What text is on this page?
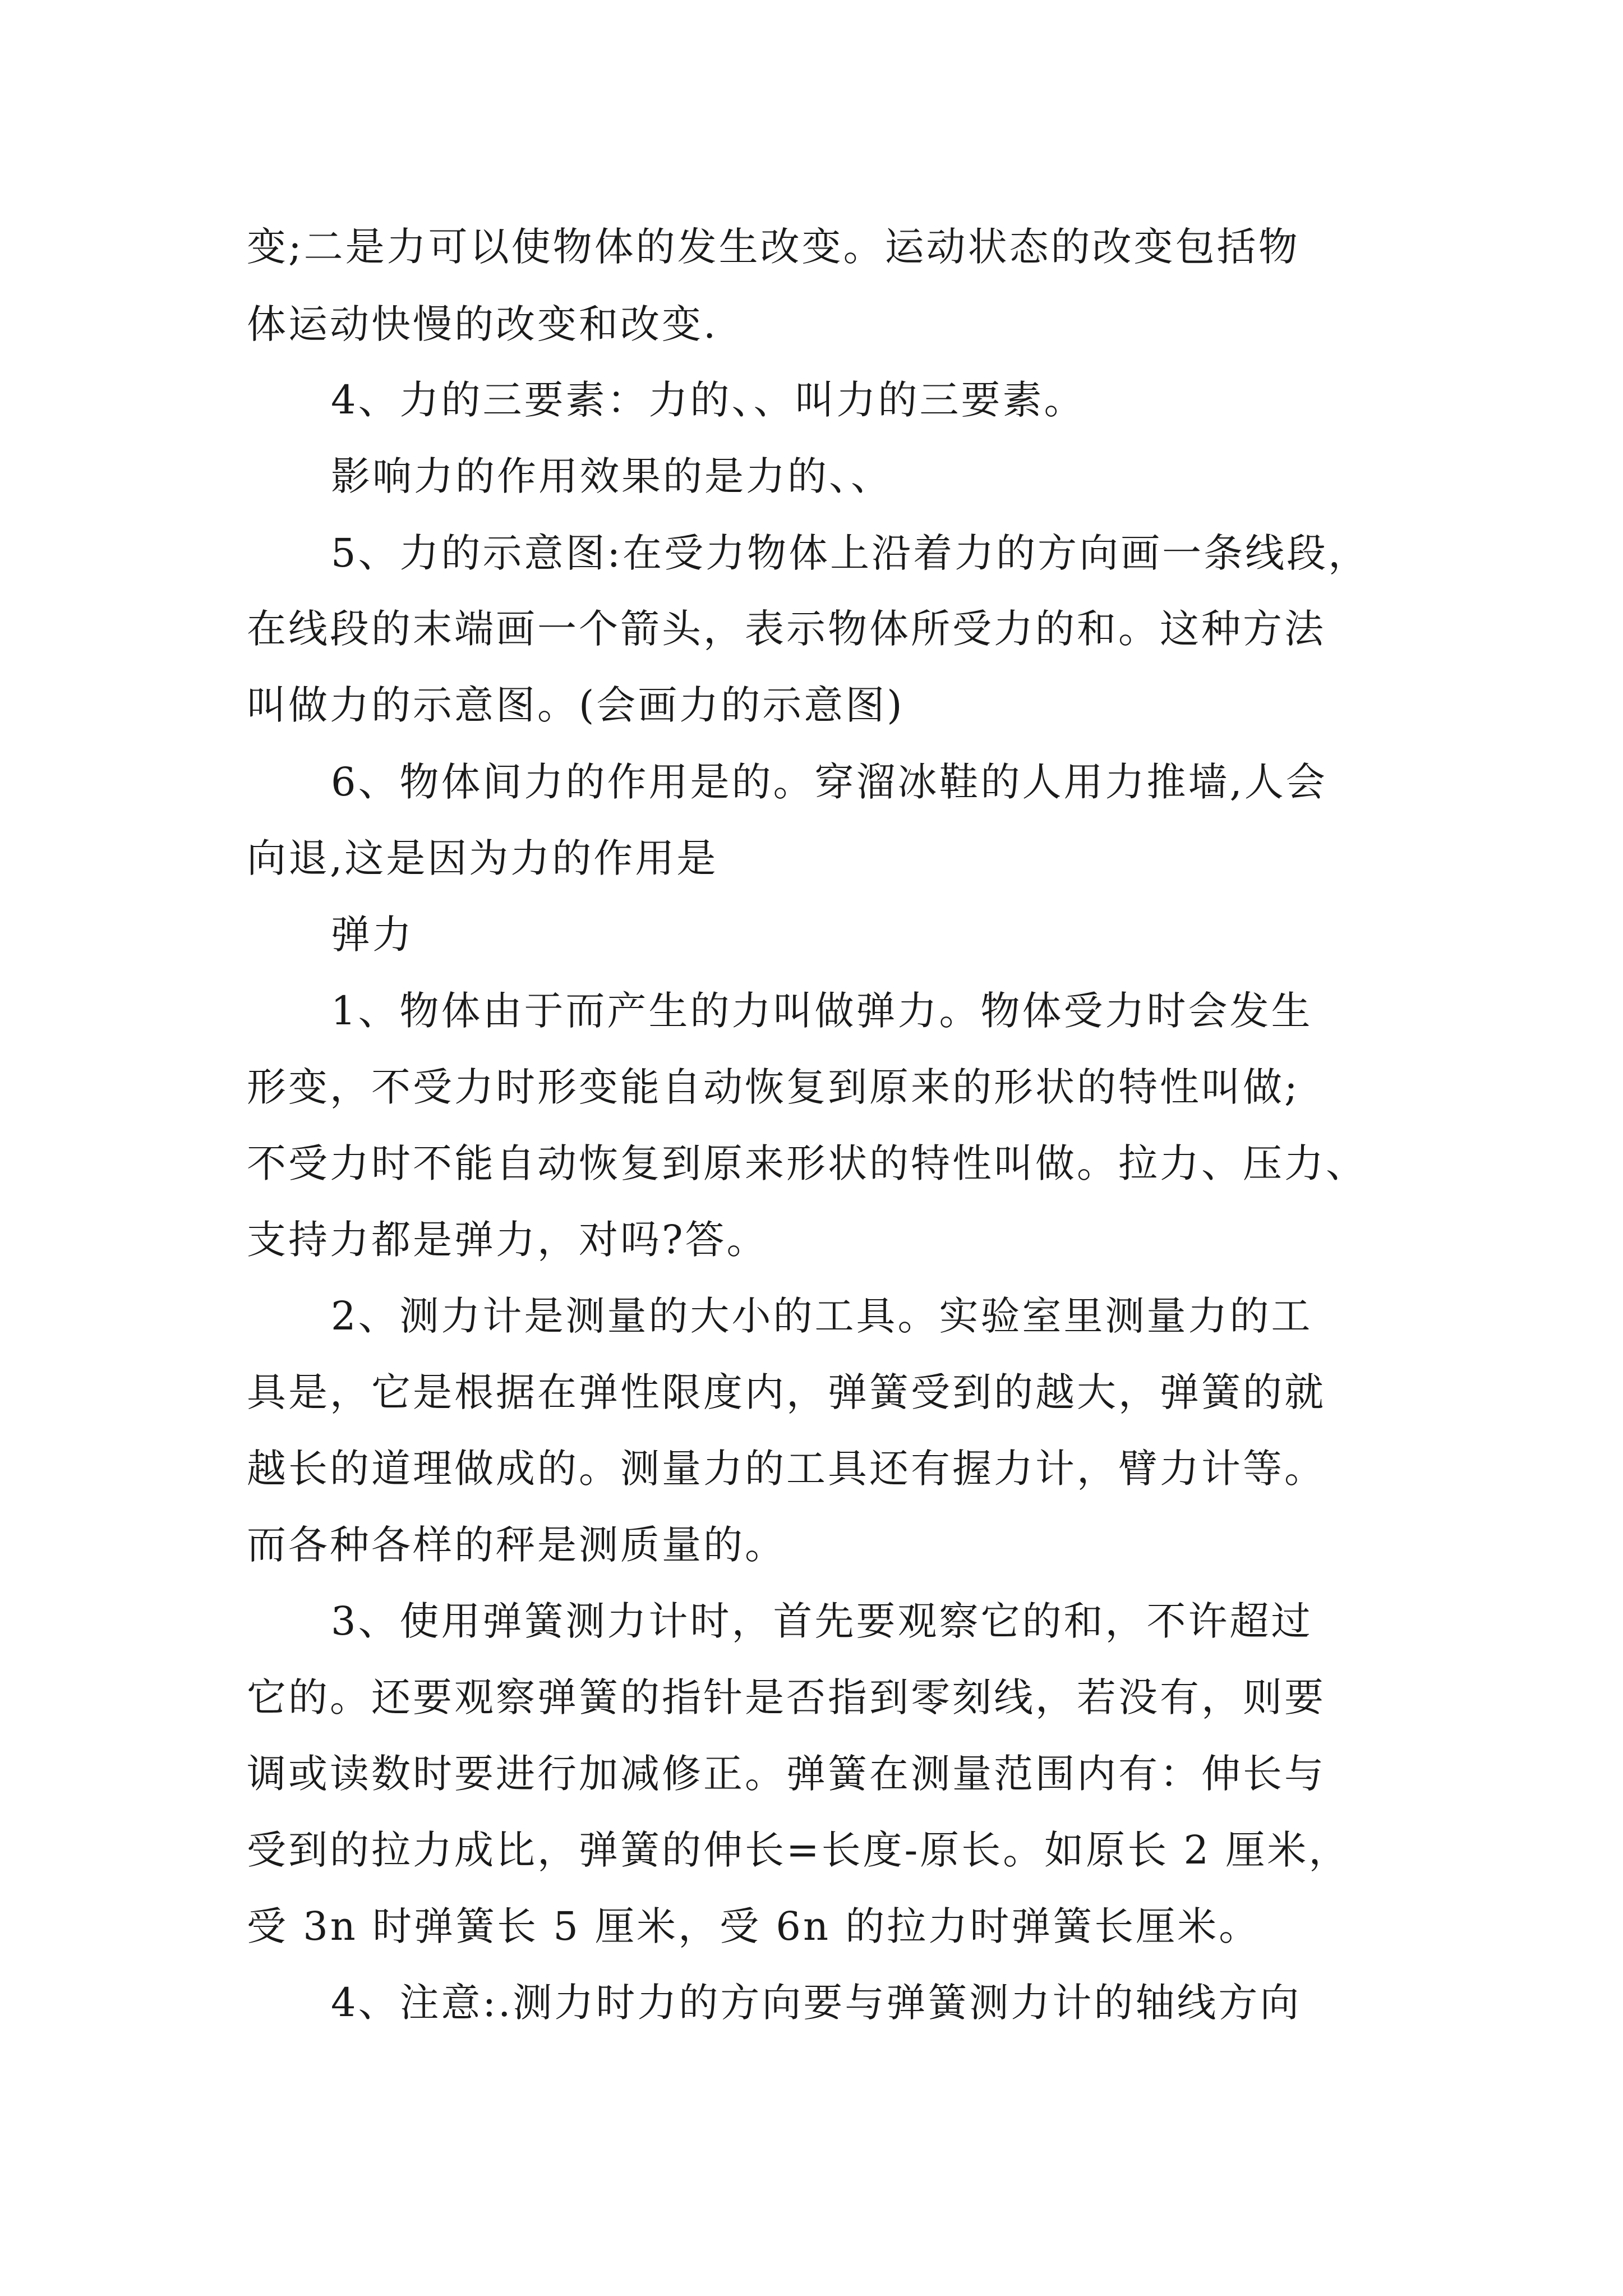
变;二是力可以使物体的发生改变。运动状态的改变包括物
体运动快慢的改变和改变.
4、力的三要素：力的、、叫力的三要素。
影响力的作用效果的是力的、、
5、力的示意图:在受力物体上沿着力的方向画一条线段，
在线段的末端画一个箭头，表示物体所受力的和。这种方法
叫做力的示意图。(会画力的示意图)
6、物体间力的作用是的。穿溜冰鞋的人用力推墙,人会
向退,这是因为力的作用是
弹力
1、物体由于而产生的力叫做弹力。物体受力时会发生
形变，不受力时形变能自动恢复到原来的形状的特性叫做;
不受力时不能自动恢复到原来形状的特性叫做。拉力、压力、
支持力都是弹力，对吗?答。
2、测力计是测量的大小的工具。实验室里测量力的工
具是，它是根据在弹性限度内，弹簧受到的越大，弹簧的就
越长的道理做成的。测量力的工具还有握力计，臂力计等。
而各种各样的秤是测质量的。
3、使用弹簧测力计时，首先要观察它的和，不许超过
它的。还要观察弹簧的指针是否指到零刻线，若没有，则要
调或读数时要进行加减修正。弹簧在测量范围内有：伸长与
受到的拉力成比，弹簧的伸长=长度-原长。如原长 2 厘米，
受 3n 时弹簧长 5 厘米，受 6n 的拉力时弹簧长厘米。
4、注意:.测力时力的方向要与弹簧测力计的轴线方向
